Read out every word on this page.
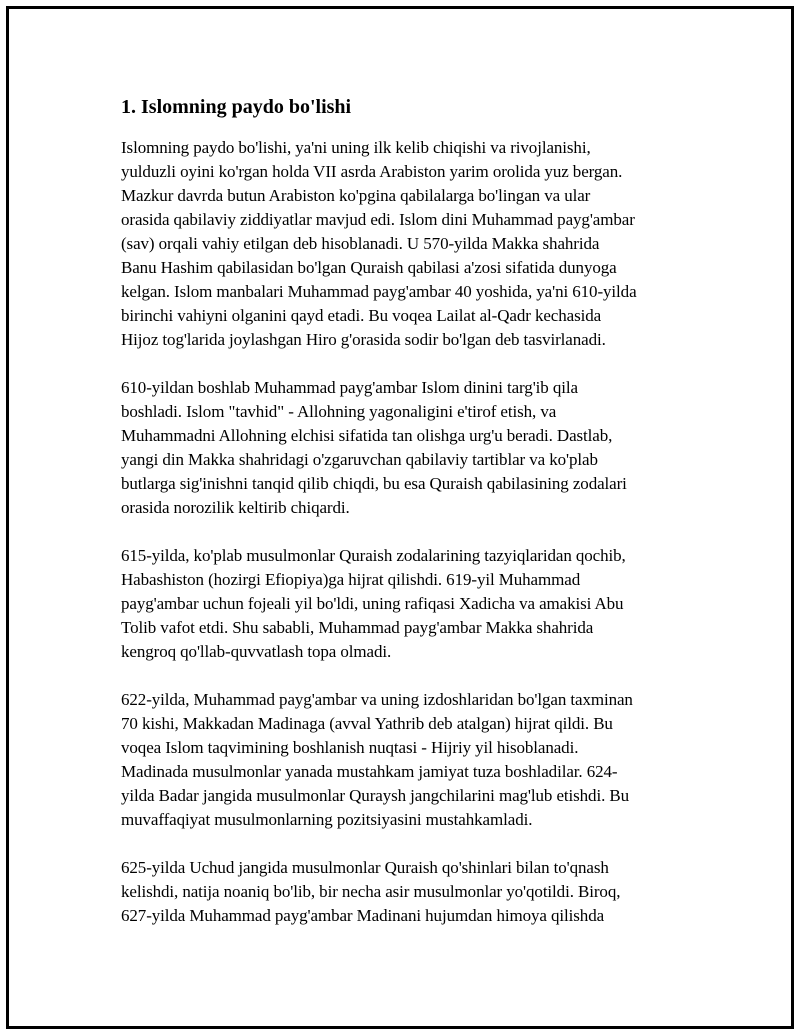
1. Islomning paydo bo'lishi

Islomning paydo bo'lishi, ya'ni uning ilk kelib chiqishi va rivojlanishi,
yulduzli oyini ko'rgan holda VII asrda Arabiston yarim orolida yuz bergan.
Mazkur davrda butun Arabiston ko'pgina qabilalarga bo'lingan va ular
orasida qabilaviy ziddiyatlar mavjud edi. Islom dini Muhammad payg'ambar
(sav) orqali vahiy etilgan deb hisoblanadi. U 570-yilda Makka shahrida
Banu Hashim qabilasidan bo'lgan Quraish qabilasi a'zosi sifatida dunyoga
kelgan. Islom manbalari Muhammad payg'ambar 40 yoshida, ya'ni 610-yilda
birinchi vahiyni olganini qayd etadi. Bu voqea Lailat al-Qadr kechasida
Hijoz tog'larida joylashgan Hiro g'orasida sodir bo'lgan deb tasvirlanadi.

610-yildan boshlab Muhammad payg'ambar Islom dinini targ'ib qila
boshladi. Islom "tavhid" - Allohning yagonaligini e'tirof etish, va
Muhammadni Allohning elchisi sifatida tan olishga urg'u beradi. Dastlab,
yangi din Makka shahridagi o'zgaruvchan qabilaviy tartiblar va ko'plab
butlarga sig'inishni tanqid qilib chiqdi, bu esa Quraish qabilasining zodalari
orasida norozilik keltirib chiqardi.

615-yilda, ko'plab musulmonlar Quraish zodalarining tazyiqlaridan qochib,
Habashiston (hozirgi Efiopiya)ga hijrat qilishdi. 619-yil Muhammad
payg'ambar uchun fojeali yil bo'ldi, uning rafiqasi Xadicha va amakisi Abu
Tolib vafot etdi. Shu sababli, Muhammad payg'ambar Makka shahrida
kengroq qo'llab-quvvatlash topa olmadi.

622-yilda, Muhammad payg'ambar va uning izdoshlaridan bo'lgan taxminan
70 kishi, Makkadan Madinaga (avval Yathrib deb atalgan) hijrat qildi. Bu
voqea Islom taqvimining boshlanish nuqtasi - Hijriy yil hisoblanadi.
Madinada musulmonlar yanada mustahkam jamiyat tuza boshladilar. 624-
yilda Badar jangida musulmonlar Quraysh jangchilarini mag'lub etishdi. Bu
muvaffaqiyat musulmonlarning pozitsiyasini mustahkamladi.

625-yilda Uchud jangida musulmonlar Quraish qo'shinlari bilan to'qnash
kelishdi, natija noaniq bo'lib, bir necha asir musulmonlar yo'qotildi. Biroq,
627-yilda Muhammad payg'ambar Madinani hujumdan himoya qilishda
